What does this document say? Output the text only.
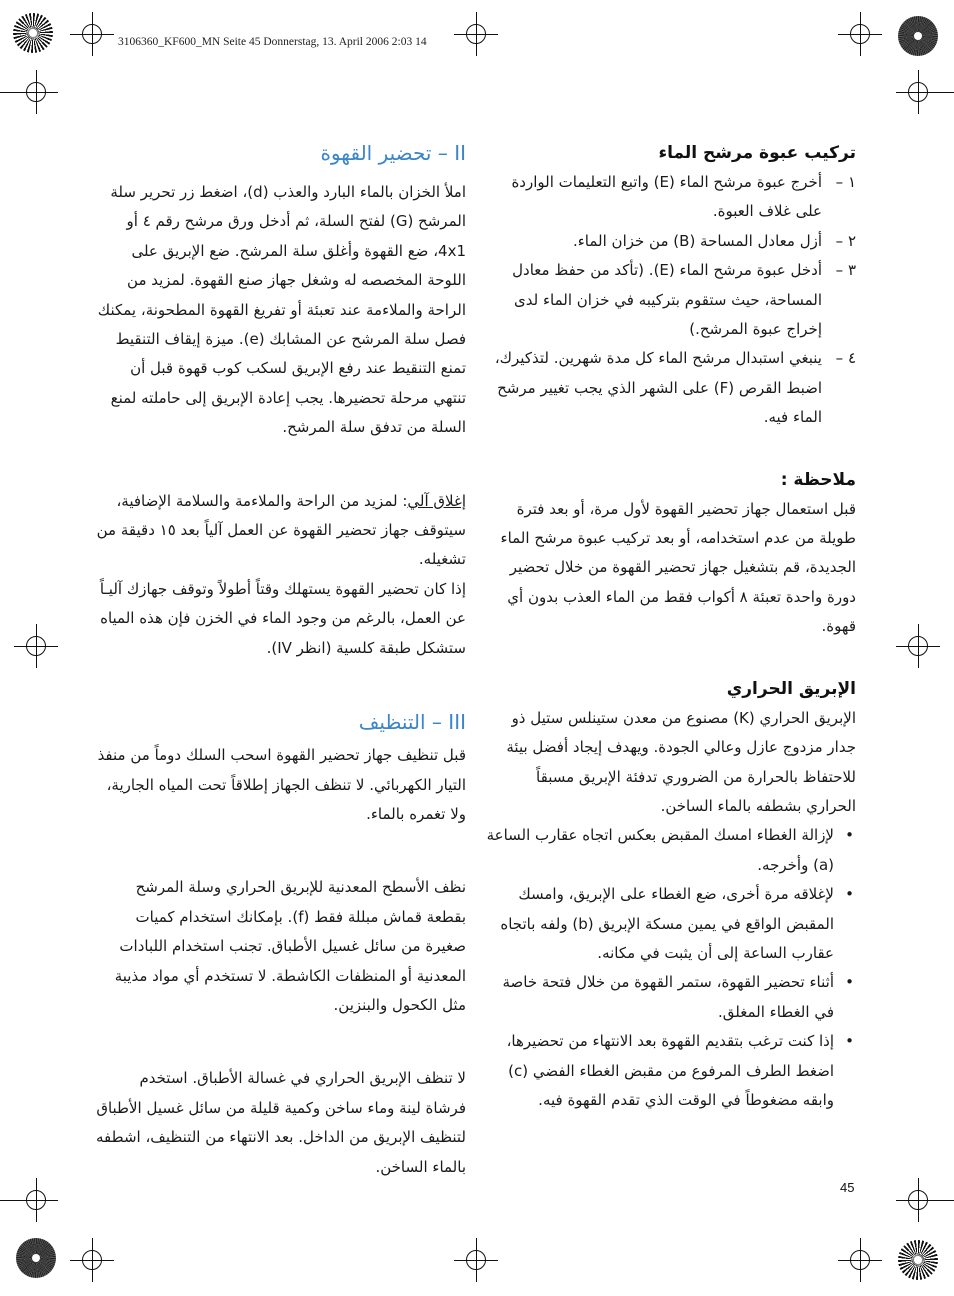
3106360_KF600_MN Seite 45 Donnerstag, 13. April 2006 2:03 14
تركيب عبوة مرشح الماء
١ –
أخرج عبوة مرشح الماء (E) واتبع التعليمات الواردة على غلاف العبوة.
٢ –
أزل معادل المساحة (B) من خزان الماء.
٣ –
أدخل عبوة مرشح الماء (E). (تأكد من حفظ معادل المساحة، حيث ستقوم بتركيبه في خزان الماء لدى إخراج عبوة المرشح.)
٤ –
ينبغي استبدال مرشح الماء كل مدة شهرين. لتذكيرك، اضبط القرص (F) على الشهر الذي يجب تغيير مرشح الماء فيه.
ملاحظة :

قبل استعمال جهاز تحضير القهوة لأول مرة، أو بعد فترة طويلة من عدم استخدامه، أو بعد تركيب عبوة مرشح الماء الجديدة، قم بتشغيل جهاز تحضير القهوة من خلال تحضير دورة واحدة تعبئة ٨ أكواب فقط من الماء العذب بدون أي قهوة.

الإبريق الحراري

الإبريق الحراري (K) مصنوع من معدن ستينلس ستيل ذو جدار مزدوج عازل وعالي الجودة. ويهدف إيجاد أفضل بيئة للاحتفاظ بالحرارة من الضروري تدفئة الإبريق مسبقاً الحراري بشطفه بالماء الساخن.

•
لإزالة الغطاء امسك المقبض بعكس اتجاه عقارب الساعة (a) وأخرجه.
•
لإغلاقه مرة أخرى، ضع الغطاء على الإبريق، وامسك المقبض الواقع في يمين مسكة الإبريق (b) ولفه باتجاه عقارب الساعة إلى أن يثبت في مكانه.
•
أثناء تحضير القهوة، ستمر القهوة من خلال فتحة خاصة في الغطاء المغلق.
•
إذا كنت ترغب بتقديم القهوة بعد الانتهاء من تحضيرها، اضغط الطرف المرفوع من مقبض الغطاء الفضي (c) وابقه مضغوطاً في الوقت الذي تقدم القهوة فيه.
II – تحضير القهوة

املأ الخزان بالماء البارد والعذب (d)، اضغط زر تحرير سلة المرشح (G) لفتح السلة، ثم أدخل ورق مرشح رقم ٤ أو 4x1، ضع القهوة وأغلق سلة المرشح. ضع الإبريق على اللوحة المخصصه له وشغل جهاز صنع القهوة. لمزيد من الراحة والملاءمة عند تعبئة أو تفريغ القهوة المطحونة، يمكنك فصل سلة المرشح عن المشابك (e). ميزة إيقاف التنقيط تمنع التنقيط عند رفع الإبريق لسكب كوب قهوة قبل أن تنتهي مرحلة تحضيرها. يجب إعادة الإبريق إلى حاملته لمنع السلة من تدفق سلة المرشح.

إغلاق آلي: لمزيد من الراحة والملاءمة والسلامة الإضافية، سيتوقف جهاز تحضير القهوة عن العمل آلياً بعد ١٥ دقيقة من تشغيله.

إذا كان تحضير القهوة يستهلك وقتاً أطولاً وتوقف جهازك آليـاً عن العمل، بالرغم من وجود الماء في الخزن فإن هذه المياه ستشكل طبقة كلسية (انظر IV).

III – التنظيف

قبل تنظيف جهاز تحضير القهوة اسحب السلك دوماً من منفذ التيار الكهربائي. لا تنظف الجهاز إطلاقاً تحت المياه الجارية، ولا تغمره بالماء.

نظف الأسطح المعدنية للإبريق الحراري وسلة المرشح بقطعة قماش مبللة فقط (f). بإمكانك استخدام كميات صغيرة من سائل غسيل الأطباق. تجنب استخدام اللبادات المعدنية أو المنظفات الكاشطة. لا تستخدم أي مواد مذيبة مثل الكحول والبنزين.

لا تنظف الإبريق الحراري في غسالة الأطباق. استخدم فرشاة لينة وماء ساخن وكمية قليلة من سائل غسيل الأطباق لتنظيف الإبريق من الداخل. بعد الانتهاء من التنظيف، اشطفه بالماء الساخن.

45
